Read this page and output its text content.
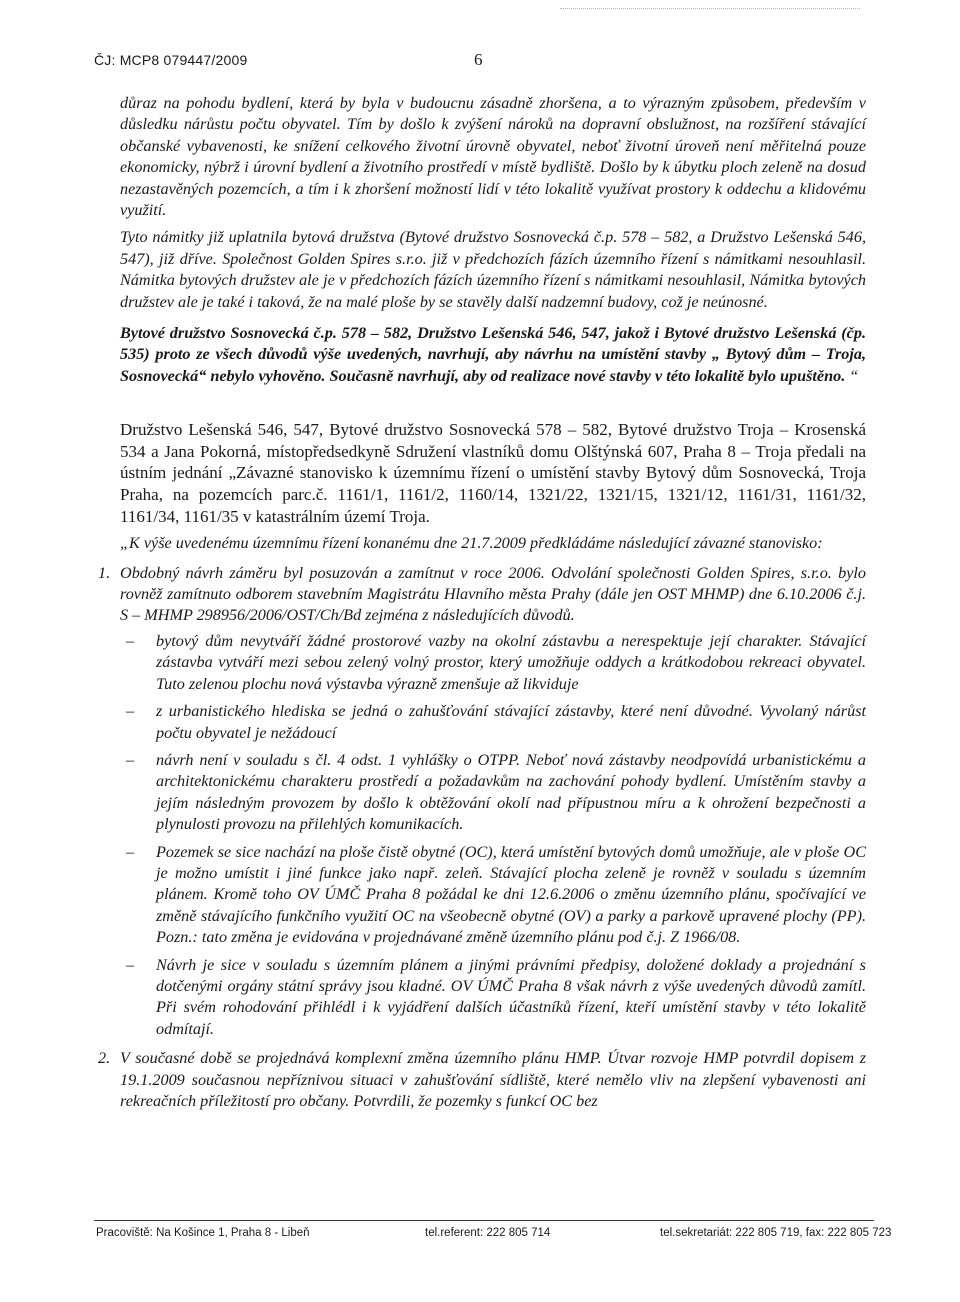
ČJ: MCP8 079447/2009	6

důraz na pohodu bydlení, která by byla v budoucnu zásadně zhoršena, a to výrazným způsobem, především v důsledku nárůstu počtu obyvatel. Tím by došlo k zvýšení nároků na dopravní obslužnost, na rozšíření stávající občanské vybavenosti, ke snížení celkového životní úrovně obyvatel, neboť životní úroveň není měřitelná pouze ekonomicky, nýbrž i úrovní bydlení a životního prostředí v místě bydliště. Došlo by k úbytku ploch zeleně na dosud nezastavěných pozemcích, a tím i k zhoršení možností lidí v této lokalitě využívat prostory k oddechu a klidovému využití.

Tyto námitky již uplatnila bytová družstva (Bytové družstvo Sosnovecká č.p. 578 – 582, a Družstvo Lešenská 546, 547), již dříve. Společnost Golden Spires s.r.o. již v předchozích fázích územního řízení s námitkami nesouhlasil. Námitka bytových družstev ale je v předchozích fázích územního řízení s námitkami nesouhlasil, Námitka bytových družstev ale je také i taková, že na malé ploše by se stavěly další nadzemní budovy, což je neúnosné.

Bytové družstvo Sosnovecká č.p. 578 – 582, Družstvo Lešenská 546, 547, jakož i Bytové družstvo Lešenská (čp. 535) proto ze všech důvodů výše uvedených, navrhují, aby návrhu na umístění stavby „ Bytový dům – Troja, Sosnovecká“ nebylo vyhověno. Současně navrhují, aby od realizace nové stavby v této lokalitě bylo upuštěno. “

Družstvo Lešenská 546, 547, Bytové družstvo Sosnovecká 578 – 582, Bytové družstvo Troja – Krosenská 534 a Jana Pokorná, místopředsedkyně Sdružení vlastníků domu Olštýnská 607, Praha 8 – Troja předali na ústním jednání „Závazné stanovisko k územnímu řízení o umístění stavby Bytový dům Sosnovecká, Troja Praha, na pozemcích parc.č. 1161/1, 1161/2, 1160/14, 1321/22, 1321/15, 1321/12, 1161/31, 1161/32, 1161/34, 1161/35 v katastrálním území Troja.

„K výše uvedenému územnímu řízení konanému dne 21.7.2009 předkládáme následující závazné stanovisko:

1. Obdobný návrh záměru byl posuzován a zamítnut v roce 2006. Odvolání společnosti Golden Spires, s.r.o. bylo rovněž zamítnuto odborem stavebním Magistrátu Hlavního města Prahy (dále jen OST MHMP) dne 6.10.2006 č.j. S – MHMP 298956/2006/OST/Ch/Bd zejména z následujících důvodů.

– bytový dům nevytváří žádné prostorové vazby na okolní zástavbu a nerespektuje její charakter. Stávající zástavba vytváří mezi sebou zelený volný prostor, který umožňuje oddych a krátkodobou rekreaci obyvatel. Tuto zelenou plochu nová výstavba výrazně zmenšuje až likviduje
– z urbanistického hlediska se jedná o zahušťování stávající zástavby, které není důvodné. Vyvolaný nárůst počtu obyvatel je nežádoucí
– návrh není v souladu s čl. 4 odst. 1 vyhlášky o OTPP. Neboť nová zástavby neodpovídá urbanistickému a architektonickému charakteru prostředí a požadavkům na zachování pohody bydlení. Umístěním stavby a jejím následným provozem by došlo k obtěžování okolí nad přípustnou míru a k ohrožení bezpečnosti a plynulosti provozu na přilehlých komunikacích.
– Pozemek se sice nachází na ploše čistě obytné (OC), která umístění bytových domů umožňuje, ale v ploše OC je možno umístit i jiné funkce jako např. zeleň. Stávající plocha zeleně je rovněž v souladu s územním plánem. Kromě toho OV ÚMČ Praha 8 požádal ke dni 12.6.2006 o změnu územního plánu, spočívající ve změně stávajícího funkčního využití OC na všeobecně obytné (OV) a parky a parkově upravené plochy (PP). Pozn.: tato změna je evidována v projednávané změně územního plánu pod č.j. Z 1966/08.
– Návrh je sice v souladu s územním plánem a jinými právními předpisy, doložené doklady a projednání s dotčenými orgány státní správy jsou kladné. OV ÚMČ Praha 8 však návrh z výše uvedených důvodů zamítl. Při svém rohodování přihlédl i k vyjádření dalších účastníků řízení, kteří umístění stavby v této lokalitě odmítají.
2. V současné době se projednává komplexní změna územního plánu HMP. Útvar rozvoje HMP potvrdil dopisem z 19.1.2009 současnou nepříznivou situaci v zahušťování sídliště, které nemělo vliv na zlepšení vybavenosti ani rekreačních příležitostí pro občany. Potvrdili, že pozemky s funkcí OC bez

Pracoviště: Na Košince 1, Praha 8 - Libeň	tel.referent: 222 805 714	tel.sekretariát: 222 805 719, fax: 222 805 723
